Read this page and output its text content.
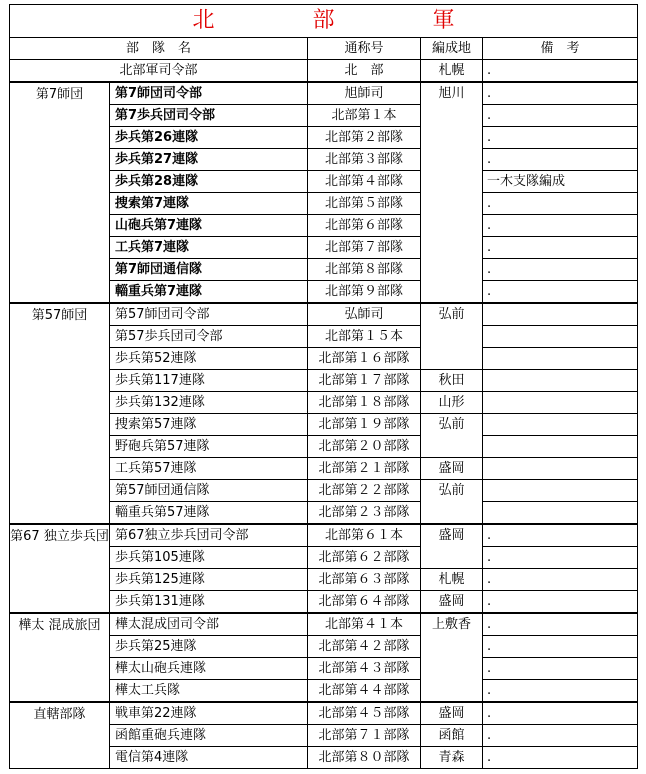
北　部　軍				
部　隊　名		通称号	編成地	備　考
北部軍司令部		北　部	札幌	.
第7師団	第7師団司令部	旭師司	旭川	.
	第7歩兵団司令部	北部第１本		.
	歩兵第26連隊	北部第２部隊		.
	歩兵第27連隊	北部第３部隊		.
	歩兵第28連隊	北部第４部隊		一木支隊編成
	捜索第7連隊	北部第５部隊		.
	山砲兵第7連隊	北部第６部隊		.
	工兵第7連隊	北部第７部隊		.
	第7師団通信隊	北部第８部隊		.
	輜重兵第7連隊	北部第９部隊		.
第57師団	第57師団司令部	弘師司	弘前	
	第57歩兵団司令部	北部第１５本		
	歩兵第52連隊	北部第１６部隊		
	歩兵第117連隊	北部第１７部隊	秋田	
	歩兵第132連隊	北部第１８部隊	山形	
	捜索第57連隊	北部第１９部隊	弘前	
	野砲兵第57連隊	北部第２０部隊		
	工兵第57連隊	北部第２１部隊	盛岡	
	第57師団通信隊	北部第２２部隊	弘前	
	輜重兵第57連隊	北部第２３部隊		
第67 独立歩兵団	第67独立歩兵団司令部	北部第６１本	盛岡	.
	歩兵第105連隊	北部第６２部隊		.
	歩兵第125連隊	北部第６３部隊	札幌	.
	歩兵第131連隊	北部第６４部隊	盛岡	.
樺太 混成旅団	樺太混成団司令部	北部第４１本	上敷香	.
	歩兵第25連隊	北部第４２部隊		.
	樺太山砲兵連隊	北部第４３部隊		.
	樺太工兵隊	北部第４４部隊		.
直轄部隊	戦車第22連隊	北部第４５部隊	盛岡	.
	函館重砲兵連隊	北部第７１部隊	函館	.
	電信第4連隊	北部第８０部隊	青森	.
